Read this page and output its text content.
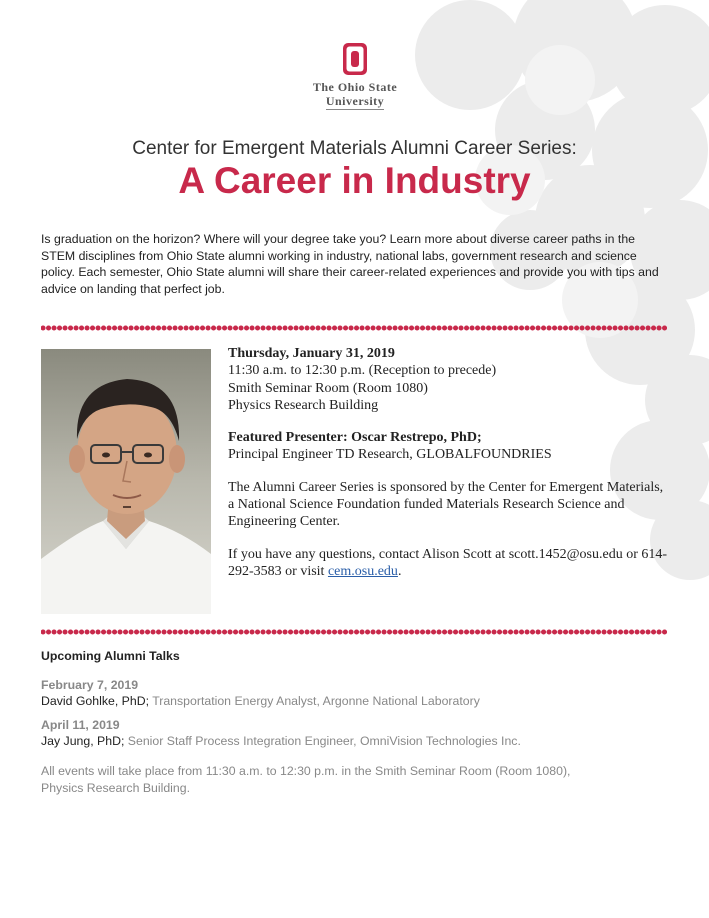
The Ohio State
University
Center for Emergent Materials Alumni Career Series:
A Career in Industry
Is graduation on the horizon? Where will your degree take you? Learn more about diverse career paths in the STEM disciplines from Ohio State alumni working in industry, national labs, government research and science policy. Each semester, Ohio State alumni will share their career-related experiences and provide you with tips and advice on landing that perfect job.

Thursday, January 31, 2019

11:30 a.m. to 12:30 p.m. (Reception to precede)

Smith Seminar Room (Room 1080)

Physics Research Building

Featured Presenter: Oscar Restrepo, PhD;

Principal Engineer TD Research, GLOBALFOUNDRIES

The Alumni Career Series is sponsored by the Center for Emergent Materials, a National Science Foundation funded Materials Research Science and Engineering Center.

If you have any questions, contact Alison Scott at scott.1452@osu.edu or 614-292-3583 or visit cem.osu.edu.

Upcoming Alumni Talks
February 7, 2019
David Gohlke, PhD; Transportation Energy Analyst, Argonne National Laboratory
April 11, 2019
Jay Jung, PhD; Senior Staff Process Integration Engineer, OmniVision Technologies Inc.
All events will take place from 11:30 a.m. to 12:30 p.m. in the Smith Seminar Room (Room 1080), Physics Research Building.
